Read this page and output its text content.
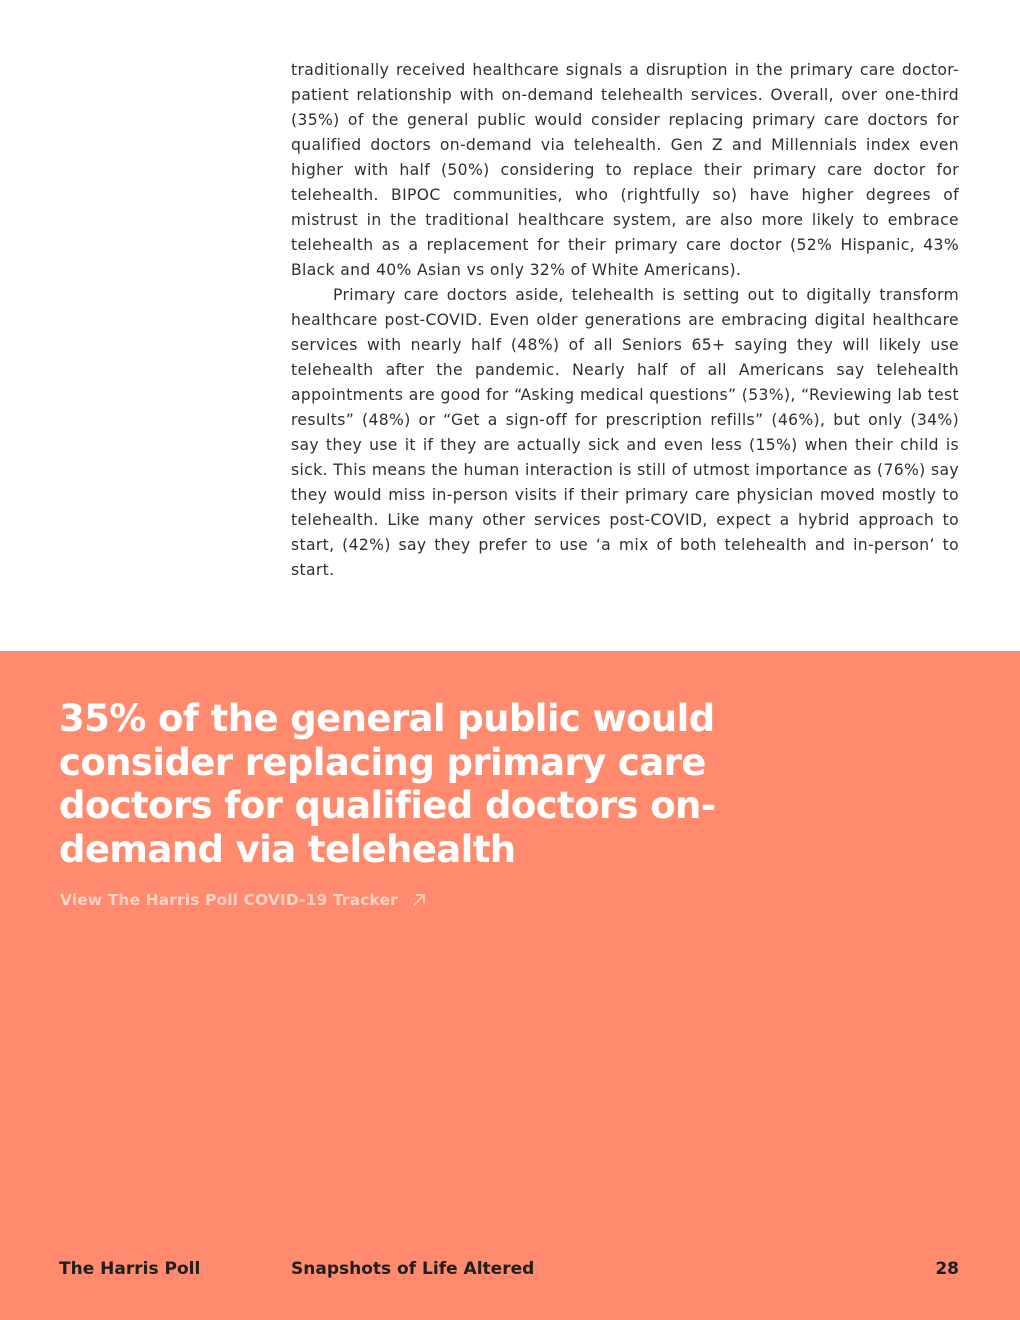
traditionally received healthcare signals a disruption in the primary care doctor-patient relationship with on-demand telehealth services. Overall, over one-third (35%) of the general public would consider replacing primary care doctors for qualified doctors on-demand via telehealth. Gen Z and Millennials index even higher with half (50%) considering to replace their primary care doctor for telehealth. BIPOC communities, who (rightfully so) have higher degrees of mistrust in the traditional healthcare system, are also more likely to embrace telehealth as a replacement for their primary care doctor (52% Hispanic, 43% Black and 40% Asian vs only 32% of White Americans).

Primary care doctors aside, telehealth is setting out to digitally transform healthcare post-COVID. Even older generations are embracing digital healthcare services with nearly half (48%) of all Seniors 65+ saying they will likely use telehealth after the pandemic. Nearly half of all Americans say telehealth appointments are good for “Asking medical questions” (53%), “Reviewing lab test results” (48%) or “Get a sign-off for prescription refills” (46%), but only (34%) say they use it if they are actually sick and even less (15%) when their child is sick. This means the human interaction is still of utmost importance as (76%) say they would miss in-person visits if their primary care physician moved mostly to telehealth. Like many other services post-COVID, expect a hybrid approach to start, (42%) say they prefer to use ‘a mix of both telehealth and in-person’ to start.

35% of the general public would consider replacing primary care doctors for qualified doctors on-demand via telehealth
View The Harris Poll COVID-19 Tracker
The Harris Poll	Snapshots of Life Altered	28
